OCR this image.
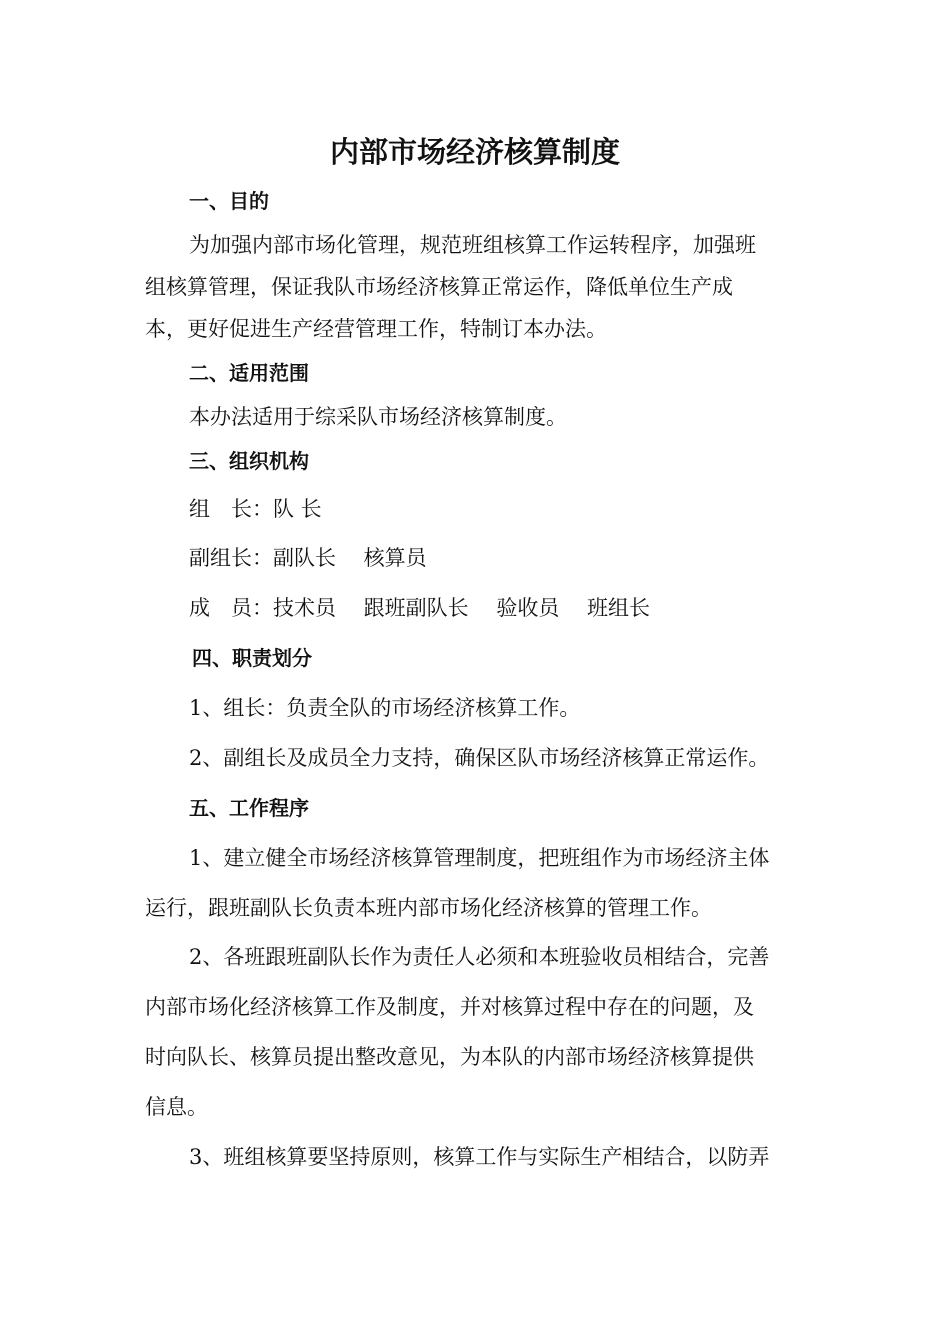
内部市场经济核算制度
一、目的
为加强内部市场化管理，规范班组核算工作运转程序，加强班
组核算管理，保证我队市场经济核算正常运作，降低单位生产成
本，更好促进生产经营管理工作，特制订本办法。
二、适用范围
本办法适用于综采队市场经济核算制度。
三、组织机构
组　长：队 长
副组长：副队长　 核算员
成　员：技术员　 跟班副队长　 验收员　 班组长
四、职责划分
1、组长：负责全队的市场经济核算工作。
2、副组长及成员全力支持，确保区队市场经济核算正常运作。
五、工作程序
1、建立健全市场经济核算管理制度，把班组作为市场经济主体
运行，跟班副队长负责本班内部市场化经济核算的管理工作。
2、各班跟班副队长作为责任人必须和本班验收员相结合，完善
内部市场化经济核算工作及制度，并对核算过程中存在的问题，及
时向队长、核算员提出整改意见，为本队的内部市场经济核算提供
信息。
3、班组核算要坚持原则，核算工作与实际生产相结合，以防弄
